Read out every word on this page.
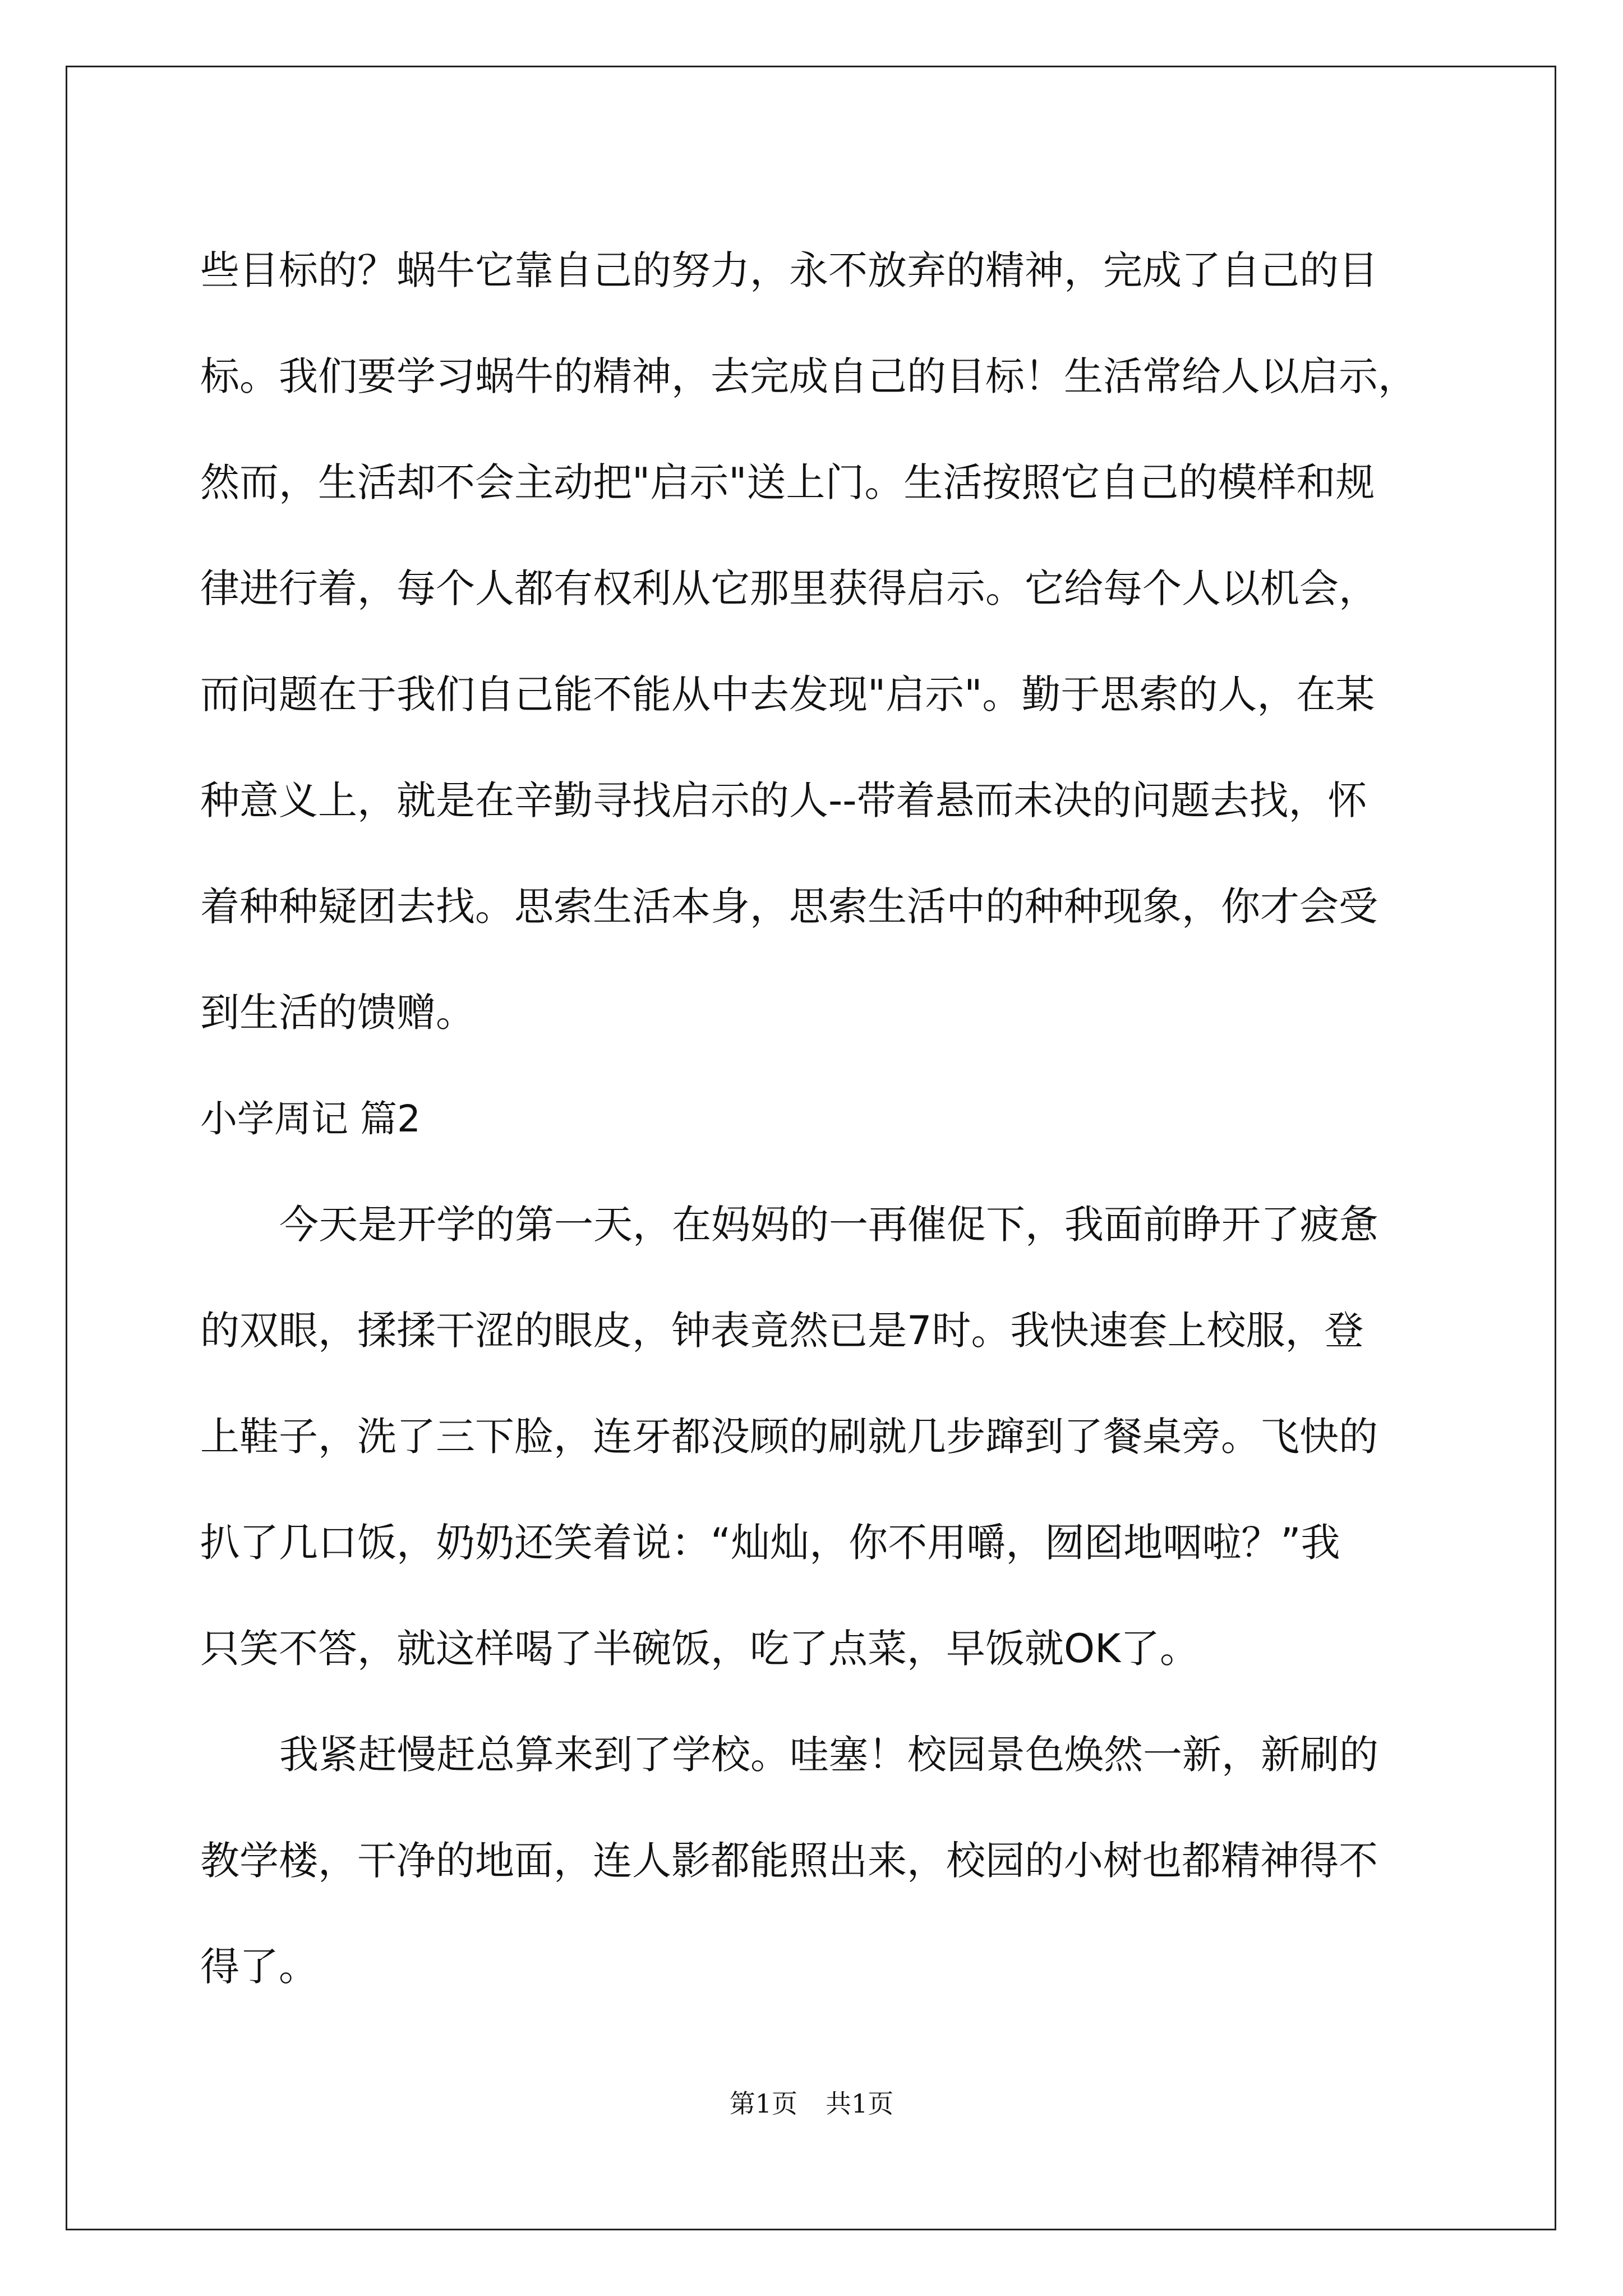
些目标的？蜗牛它靠自己的努力，永不放弃的精神，完成了自己的目
标。我们要学习蜗牛的精神，去完成自己的目标！生活常给人以启示，
然而，生活却不会主动把"启示"送上门。生活按照它自己的模样和规
律进行着，每个人都有权利从它那里获得启示。它给每个人以机会，
而问题在于我们自己能不能从中去发现"启示"。勤于思索的人，在某
种意义上，就是在辛勤寻找启示的人--带着悬而未决的问题去找，怀
着种种疑团去找。思索生活本身，思索生活中的种种现象，你才会受
到生活的馈赠。
小学周记 篇2
今天是开学的第一天，在妈妈的一再催促下，我面前睁开了疲惫
的双眼，揉揉干涩的眼皮，钟表竟然已是7时。我快速套上校服，登
上鞋子，洗了三下脸，连牙都没顾的刷就几步蹿到了餐桌旁。飞快的
扒了几口饭，奶奶还笑着说：“灿灿，你不用嚼，囫囵地咽啦？”我
只笑不答，就这样喝了半碗饭，吃了点菜，早饭就OK了。
我紧赶慢赶总算来到了学校。哇塞！校园景色焕然一新，新刷的
教学楼，干净的地面，连人影都能照出来，校园的小树也都精神得不
得了。
第1页 共1页
